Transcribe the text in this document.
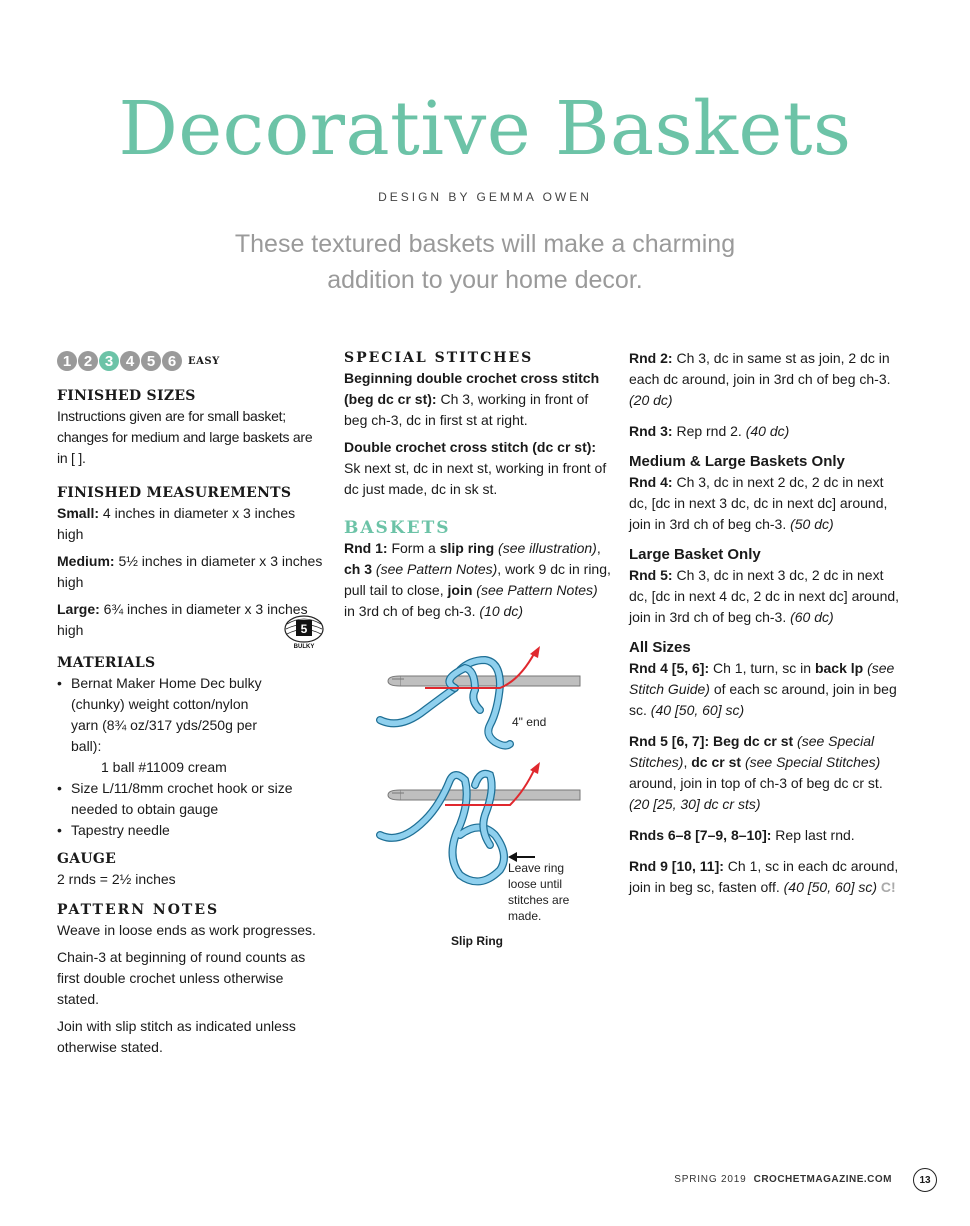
Decorative Baskets
DESIGN BY GEMMA OWEN
These textured baskets will make a charming
addition to your home decor.
1 2 3 4 5 6	EASY
FINISHED SIZES

Instructions given are for small basket; changes for medium and large baskets are in [ ].

FINISHED MEASUREMENTS

Small: 4 inches in diameter x 3 inches high

Medium: 5½ inches in diameter x 3 inches high

Large: 6¾ inches in diameter x 3 inches high

MATERIALS
• Bernat Maker Home Dec bulky (chunky) weight cotton/nylon yarn (8¾ oz/317 yds/250g per ball):
1 ball #11009 cream
• Size L/11/8mm crochet hook or size needed to obtain gauge
• Tapestry needle
GAUGE

2 rnds = 2½ inches

PATTERN NOTES

Weave in loose ends as work progresses.

Chain-3 at beginning of round counts as first double crochet unless otherwise stated.

Join with slip stitch as indicated unless otherwise stated.

5
BULKY
SPECIAL STITCHES

Beginning double crochet cross stitch (beg dc cr st): Ch 3, working in front of beg ch-3, dc in first st at right.

Double crochet cross stitch (dc cr st): Sk next st, dc in next st, working in front of dc just made, dc in sk st.

BASKETS

Rnd 1: Form a slip ring (see illustration), ch 3 (see Pattern Notes), work 9 dc in ring, pull tail to close, join (see Pattern Notes) in 3rd ch of beg ch-3. (10 dc)

4" end
Leave ring
loose until
stitches are
made.
Slip Ring

Rnd 2: Ch 3, dc in same st as join, 2 dc in each dc around, join in 3rd ch of beg ch-3. (20 dc)

Rnd 3: Rep rnd 2. (40 dc)

Medium & Large Baskets Only

Rnd 4: Ch 3, dc in next 2 dc, 2 dc in next dc, [dc in next 3 dc, dc in next dc] around, join in 3rd ch of beg ch-3. (50 dc)

Large Basket Only

Rnd 5: Ch 3, dc in next 3 dc, 2 dc in next dc, [dc in next 4 dc, 2 dc in next dc] around, join in 3rd ch of beg ch-3. (60 dc)

All Sizes

Rnd 4 [5, 6]: Ch 1, turn, sc in back lp (see Stitch Guide) of each sc around, join in beg sc. (40 [50, 60] sc)

Rnd 5 [6, 7]: Beg dc cr st (see Special Stitches), dc cr st (see Special Stitches) around, join in top of ch-3 of beg dc cr st. (20 [25, 30] dc cr sts)

Rnds 6–8 [7–9, 8–10]: Rep last rnd.

Rnd 9 [10, 11]: Ch 1, sc in each dc around, join in beg sc, fasten off. (40 [50, 60] sc) C!

SPRING 2019 CROCHETMAGAZINE.COM	13
